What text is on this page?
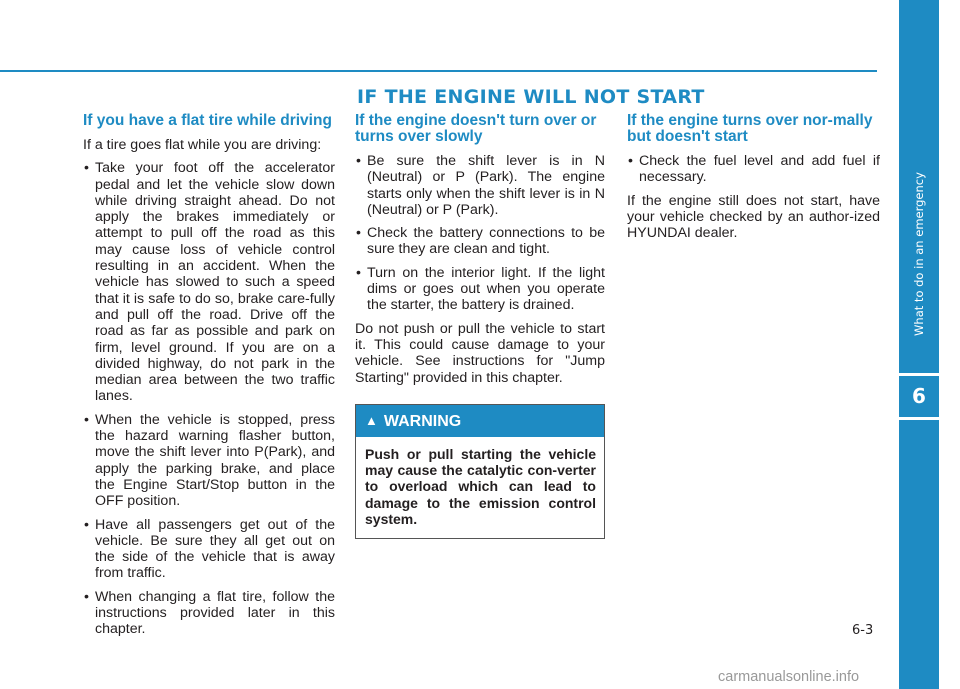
IF THE ENGINE WILL NOT START
If you have a flat tire while driving

If a tire goes flat while you are driving:

• Take your foot off the accelerator pedal and let the vehicle slow down while driving straight ahead. Do not apply the brakes immediately or attempt to pull off the road as this may cause loss of vehicle control resulting in an accident. When the vehicle has slowed to such a speed that it is safe to do so, brake care-fully and pull off the road. Drive off the road as far as possible and park on firm, level ground. If you are on a divided highway, do not park in the median area between the two traffic lanes.
• When the vehicle is stopped, press the hazard warning flasher button, move the shift lever into P(Park), and apply the parking brake, and place the Engine Start/Stop button in the OFF position.
• Have all passengers get out of the vehicle. Be sure they all get out on the side of the vehicle that is away from traffic.
• When changing a flat tire, follow the instructions provided later in this chapter.
If the engine doesn't turn over or turns over slowly
• Be sure the shift lever is in N (Neutral) or P (Park). The engine starts only when the shift lever is in N (Neutral) or P (Park).
• Check the battery connections to be sure they are clean and tight.
• Turn on the interior light. If the light dims or goes out when you operate the starter, the battery is drained.

Do not push or pull the vehicle to start it. This could cause damage to your vehicle. See instructions for "Jump Starting" provided in this chapter.

▲ WARNING
Push or pull starting the vehicle may cause the catalytic con-verter to overload which can lead to damage to the emission control system.
If the engine turns over nor-mally but doesn't start
• Check the fuel level and add fuel if necessary.

If the engine still does not start, have your vehicle checked by an author-ized HYUNDAI dealer.	What to do in an emergency
6
6-3
carmanualsonline.info
